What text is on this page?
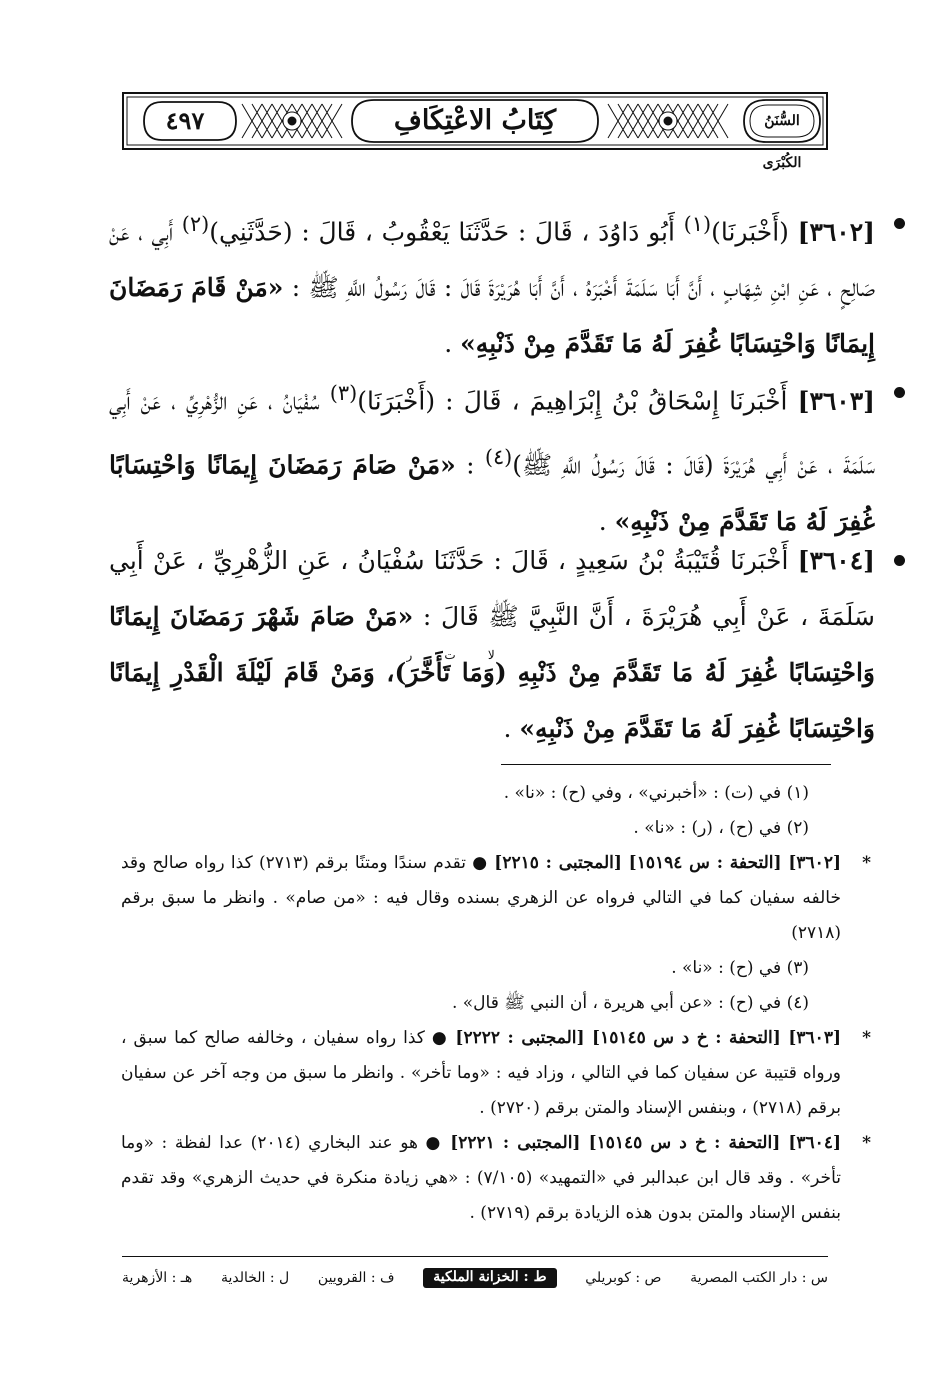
٤٩٧	كِتَابُ الاعْتِكَافِ	السُّنَنُ الكُبْرَى
[٣٦٠٢] (أَخْبَرنَا)$^{(١)}$ أَبُو دَاوُدَ ، قَالَ : حَدَّثَنَا يَعْقُوبُ ، قَالَ : (حَدَّثَنِي)$^{(٢)}$ أَبِي ، عَنْ صَالِحٍ ، عَنِ ابْنِ شِهَابٍ ، أَنَّ أَبَا سَلَمَةَ أَخْبَرَهُ ، أَنَّ أَبَا هُرَيْرَةَ قَالَ : قَالَ رَسُولُ اللَّهِ ﷺ : «مَنْ قَامَ رَمَضَانَ إِيمَانًا وَاحْتِسَابًا غُفِرَ لَهُ مَا تَقَدَّمَ مِنْ ذَنْبِهِ» .
[٣٦٠٣] أَخْبَرنَا إِسْحَاقُ بْنُ إِبْرَاهِيمَ ، قَالَ : (أَخْبَرَنَا)$^{(٣)}$ سُفْيَانُ ، عَنِ الزُّهْرِيِّ ، عَنْ أَبِي سَلَمَةَ ، عَنْ أَبِي هُرَيْرَةَ (قَالَ : قَالَ رَسُولُ اللَّهِ ﷺ)$^{(٤)}$ : «مَنْ صَامَ رَمَضَانَ إِيمَانًا وَاحْتِسَابًا غُفِرَ لَهُ مَا تَقَدَّمَ مِنْ ذَنْبِهِ» .
[٣٦٠٤] أَخْبَرنَا قُتَيْبَةُ بْنُ سَعِيدٍ ، قَالَ : حَدَّثَنَا سُفْيَانُ ، عَنِ الزُّهْرِيِّ ، عَنْ أَبِي سَلَمَةَ ، عَنْ أَبِي هُرَيْرَةَ ، أَنَّ النَّبِيَّ ﷺ قَالَ : «مَنْ صَامَ شَهْرَ رَمَضَانَ إِيمَانًا وَاحْتِسَابًا غُفِرَ لَهُ مَا تَقَدَّمَ مِنْ ذَنْبِهِ (وَمَا تَأَخَّرَ)لا ت ر، وَمَنْ قَامَ لَيْلَةَ الْقَدْرِ إِيمَانًا وَاحْتِسَابًا غُفِرَ لَهُ مَا تَقَدَّمَ مِنْ ذَنْبِهِ» .

(١) في (ت) : «أخبرني» ، وفي (ح) : «نا» .

(٢) في (ح) ، (ر) : «نا» .

*
[٣٦٠٢] [التحفة : س ١٥١٩٤] [المجتبى : ٢٢١٥] ● تقدم سندًا ومتنًا برقم (٢٧١٣) كذا رواه صالح وقد خالفه سفيان كما في التالي فرواه عن الزهري بسنده وقال فيه : «من صام» . وانظر ما سبق برقم (٢٧١٨)

(٣) في (ح) : «نا» .

(٤) في (ح) : «عن أبي هريرة ، أن النبي ﷺ قال» .

*
[٣٦٠٣] [التحفة : خ د س ١٥١٤٥] [المجتبى : ٢٢٢٢] ● كذا رواه سفيان ، وخالفه صالح كما سبق ، ورواه قتيبة عن سفيان كما في التالي ، وزاد فيه : «وما تأخر» . وانظر ما سبق من وجه آخر عن سفيان برقم (٢٧١٨) ، وبنفس الإسناد والمتن برقم (٢٧٢٠) .

*
[٣٦٠٤] [التحفة : خ د س ١٥١٤٥] [المجتبى : ٢٢٢١] ● هو عند البخاري (٢٠١٤) عدا لفظة : «وما تأخر» . وقد قال ابن عبدالبر في «التمهيد» (٧/١٠٥) : «هي زيادة منكرة في حديث الزهري» وقد تقدم بنفس الإسناد والمتن بدون هذه الزيادة برقم (٢٧١٩) .

س : دار الكتب المصرية
ص : كوبريلي
ط : الخزانة الملكية
ف : القرويين
ل : الخالدية
هـ : الأزهرية
